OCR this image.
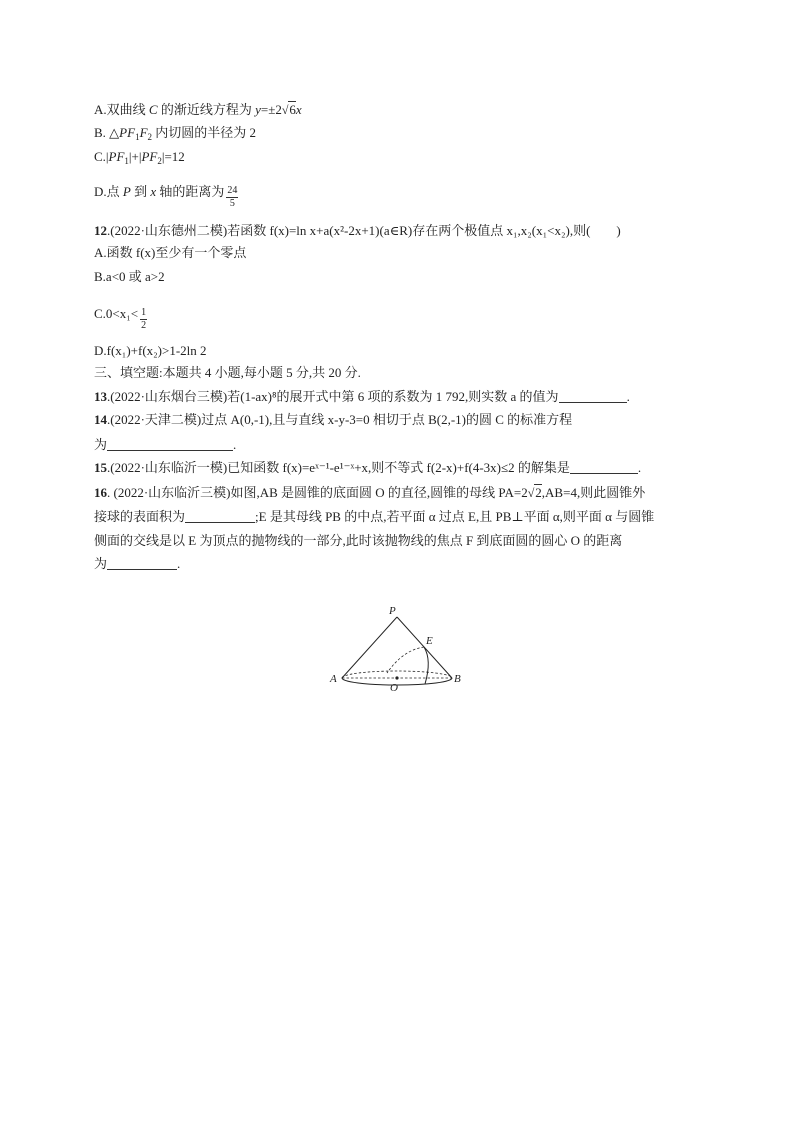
A.双曲线 C 的渐近线方程为 y=±2√6x
B. $\triangle PF_1F_2$ 内切圆的半径为 2
$C.|PF_1|+|PF_2|=12$
D.点 P 到 x 轴的距离为 $\frac{24}{5}$
12.(2022·山东德州二模)若函数 f(x)=ln x+a(x²-2x+1)(a∈R)存在两个极值点 x₁,x₂(x₁<x₂),则(　　)
A.函数 f(x)至少有一个零点
B.a<0 或 a>2
$C.0<x_1< \frac{1}{2}$
D.f(x₁)+f(x₂)>1-2ln 2
三、填空题:本题共 4 小题,每小题 5 分,共 20 分.
13.(2022·山东烟台三模)若(1-ax)⁸的展开式中第 6 项的系数为 1 792,则实数 a 的值为	.
14.(2022·天津二模)过点 A(0,-1),且与直线 x-y-3=0 相切于点 B(2,-1)的圆 C 的标准方程
为	.
15.(2022·山东临沂一模)已知函数 f(x)=eˣ⁻¹-e¹⁻ˣ+x,则不等式 f(2-x)+f(4-3x)≤2 的解集是	.
16. (2022·山东临沂三模)如图,AB 是圆锥的底面圆 O 的直径,圆锥的母线 PA=2√2,AB=4,则此圆锥外
接球的表面积为	;E 是其母线 PB 的中点,若平面 α 过点 E,且 PB⊥平面 α,则平面 α 与圆锥
侧面的交线是以 E 为顶点的抛物线的一部分,此时该抛物线的焦点 F 到底面圆的圆心 O 的距离
为	.
P
E
A	B
O
